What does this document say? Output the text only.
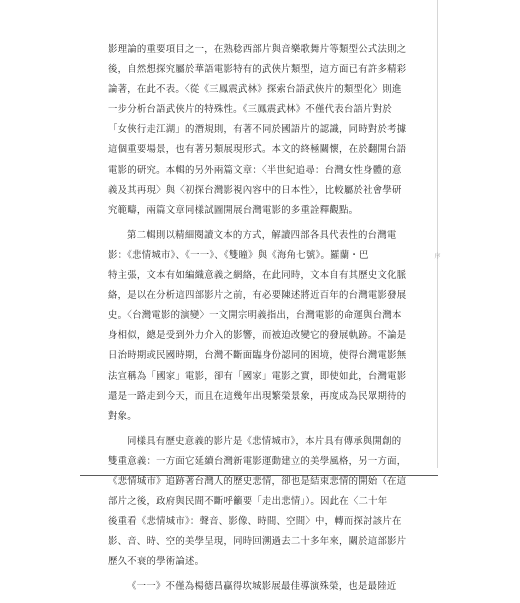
影理論的重要項目之一，在熟稔西部片與音樂歌舞片等類型公式法則之
後，自然想探究屬於華語電影特有的武俠片類型，這方面已有許多精彩
論著，在此不表。〈從《三鳳震武林》探索台語武俠片的類型化〉則進
一步分析台語武俠片的特殊性。《三鳳震武林》不僅代表台語片對於
「女俠行走江湖」的潛規則，有著不同於國語片的認識，同時對於考據
這個重要場景，也有著另類展現形式。本文的終極關懷，在於翻開台語
電影的研究。本輯的另外兩篇文章：〈半世紀追尋：台灣女性身體的意
義及其再現〉與〈初探台灣影視內容中的日本性〉，比較屬於社會學研
究範疇，兩篇文章同樣試圖開展台灣電影的多重詮釋觀點。

第二輯則以精細閱讀文本的方式，解讀四部各具代表性的台灣電
影：《悲情城市》、《一一》、《雙瞳》與《海角七號》。羅蘭・巴
特主張，文本有如編織意義之網絡，在此同時，文本自有其歷史文化脈
絡，是以在分析這四部影片之前，有必要陳述將近百年的台灣電影發展
史。〈台灣電影的演變〉一文開宗明義指出，台灣電影的命運與台灣本
身相似，總是受到外力介入的影響，而被迫改變它的發展軌跡。不論是
日治時期或民國時期，台灣不斷面臨身份認同的困境，使得台灣電影無
法宣稱為「國家」電影，卻有「國家」電影之實，即使如此，台灣電影
還是一路走到今天，而且在這幾年出現繁榮景象，再度成為民眾期待的
對象。

同樣具有歷史意義的影片是《悲情城市》，本片具有傳承與開創的
雙重意義：一方面它延續台灣新電影運動建立的美學風格，另一方面，
《悲情城市》追跡著台灣人的歷史悲情，卻也是結束悲情的開始（在這
部片之後，政府與民間不斷呼籲要「走出悲情」）。因此在〈二十年
後重看《悲情城市》：聲音、影像、時間、空間〉中，轉而探討該片在
影、音、時、空的美學呈現，同時回溯過去二十多年來，關於這部影片
歷久不衰的學術論述。

《一一》不僅為楊德昌贏得坎城影展最佳導演殊榮，也是最陸近

序
